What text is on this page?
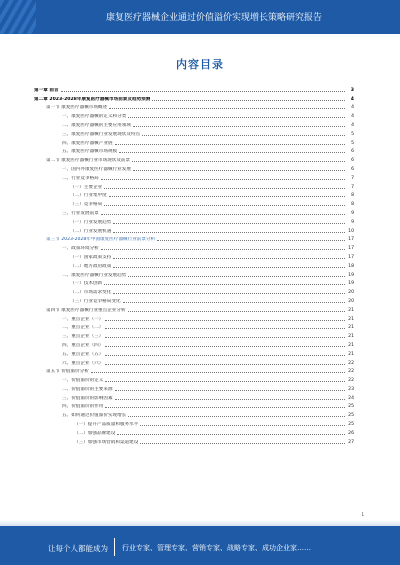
康复医疗器械企业通过价值溢价实现增长策略研究报告
内容目录
第一章 前言	3
第二章 2023-2028年康复医疗器械市场前景及趋势预测	4
第一节 康复医疗器械市场概述	4
一、康复医疗器械的定义和分类	4
二、康复医疗器械的主要应用领域	4
三、康复医疗器械行业发展现状及特点	5
四、康复医疗器械产业链	5
五、康复医疗器械市场规模	6
第二节 康复医疗器械行业市场现状及前景	6
一、国内外康复医疗器械行业发展	6
二、行业竞争格局	7
（一）主要企业	7
（二）行业集中度	8
（三）竞争格局	8
三、行业发展前景	9
（一）行业发展趋势	9
（二）行业发展机遇	10
第三节 2023-2028年中国康复医疗器械行业前景分析	17
一、政策环境分析	17
（一）国家政策支持	17
（二）地方政府政策	18
二、康复医疗器械行业发展趋势	19
（一）技术创新	19
（二）市场需求变化	20
（三）行业竞争格局变化	20
第四节 康复医疗器械行业重点企业分析	21
一、重点企业（一）	21
二、重点企业（二）	21
三、重点企业（三）	21
四、重点企业（四）	21
五、重点企业（五）	21
六、重点企业（六）	22
第五节 价值溢价分析	22
一、价值溢价的定义	22
二、价值溢价的主要来源	23
三、价值溢价的影响因素	24
四、价值溢价的作用	25
五、如何通过价值溢价实现增长	25
（一）提升产品质量和服务水平	25
（二）加强品牌建设	26
（三）加强市场营销和渠道建设	27
1
让每个人都能成为 行业专家、管理专家、营销专家、战略专家、成功企业家……
